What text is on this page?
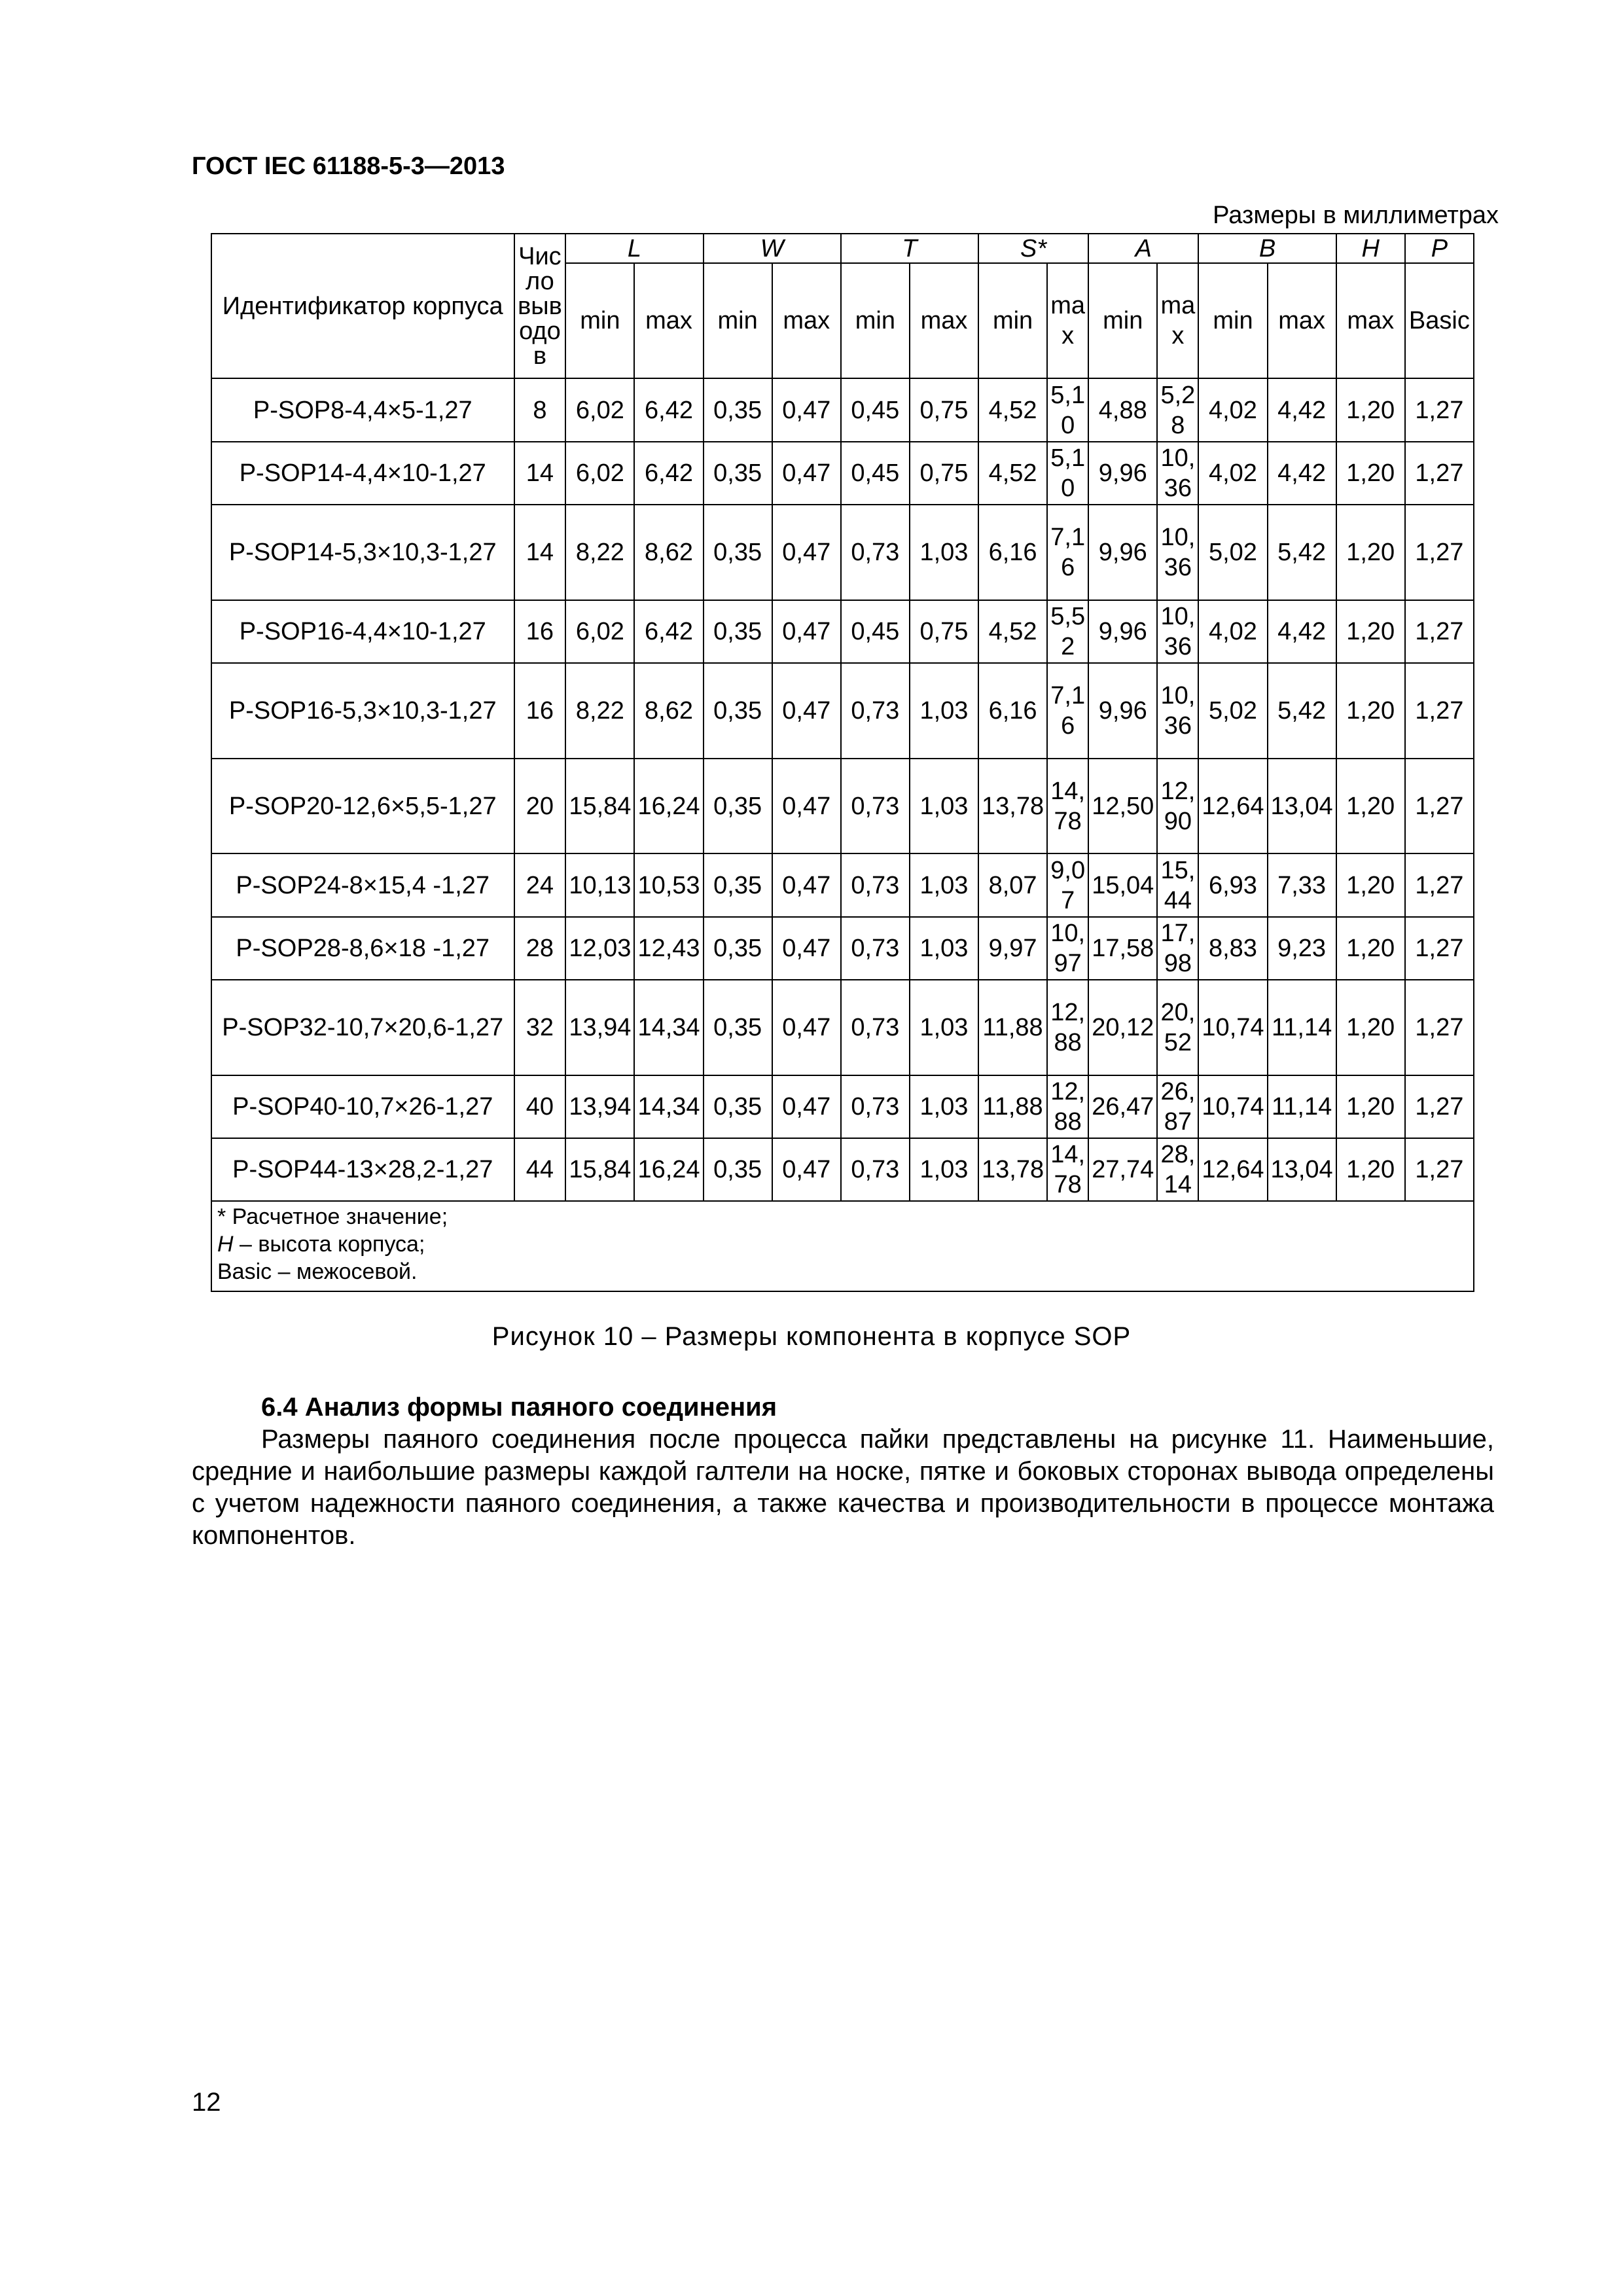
ГОСТ IEC 61188-5-3—2013
Размеры в миллиметрах
Идентификатор корпуса	Число выводов	L		W		T		S*		A		B		H	P
		min	max	min	max	min	max	min	max	min	max	min	max	max	Basic
P-SOP8-4,4×5-1,27	8	6,02	6,42	0,35	0,47	0,45	0,75	4,52	5,10	4,88	5,28	4,02	4,42	1,20	1,27
P-SOP14-4,4×10-1,27	14	6,02	6,42	0,35	0,47	0,45	0,75	4,52	5,10	9,96	10,36	4,02	4,42	1,20	1,27
P-SOP14-5,3×10,3-1,27	14	8,22	8,62	0,35	0,47	0,73	1,03	6,16	7,16	9,96	10,36	5,02	5,42	1,20	1,27
P-SOP16-4,4×10-1,27	16	6,02	6,42	0,35	0,47	0,45	0,75	4,52	5,52	9,96	10,36	4,02	4,42	1,20	1,27
P-SOP16-5,3×10,3-1,27	16	8,22	8,62	0,35	0,47	0,73	1,03	6,16	7,16	9,96	10,36	5,02	5,42	1,20	1,27
P-SOP20-12,6×5,5-1,27	20	15,84	16,24	0,35	0,47	0,73	1,03	13,78	14,78	12,50	12,90	12,64	13,04	1,20	1,27
P-SOP24-8×15,4 -1,27	24	10,13	10,53	0,35	0,47	0,73	1,03	8,07	9,07	15,04	15,44	6,93	7,33	1,20	1,27
P-SOP28-8,6×18 -1,27	28	12,03	12,43	0,35	0,47	0,73	1,03	9,97	10,97	17,58	17,98	8,83	9,23	1,20	1,27
P-SOP32-10,7×20,6-1,27	32	13,94	14,34	0,35	0,47	0,73	1,03	11,88	12,88	20,12	20,52	10,74	11,14	1,20	1,27
P-SOP40-10,7×26-1,27	40	13,94	14,34	0,35	0,47	0,73	1,03	11,88	12,88	26,47	26,87	10,74	11,14	1,20	1,27
P-SOP44-13×28,2-1,27	44	15,84	16,24	0,35	0,47	0,73	1,03	13,78	14,78	27,74	28,14	12,64	13,04	1,20	1,27

* Расчетное значение;
H – высота корпуса;
Basic – межосевой.															
Рисунок 10 – Размеры компонента в корпусе SOP
6.4 Анализ формы паяного соединения
Размеры паяного соединения после процесса пайки представлены на рисунке 11. Наименьшие, средние и наибольшие размеры каждой галтели на носке, пятке и боковых сторонах вывода определены с учетом надежности паяного соединения, а также качества и производительности в процессе монтажа компонентов.
12
